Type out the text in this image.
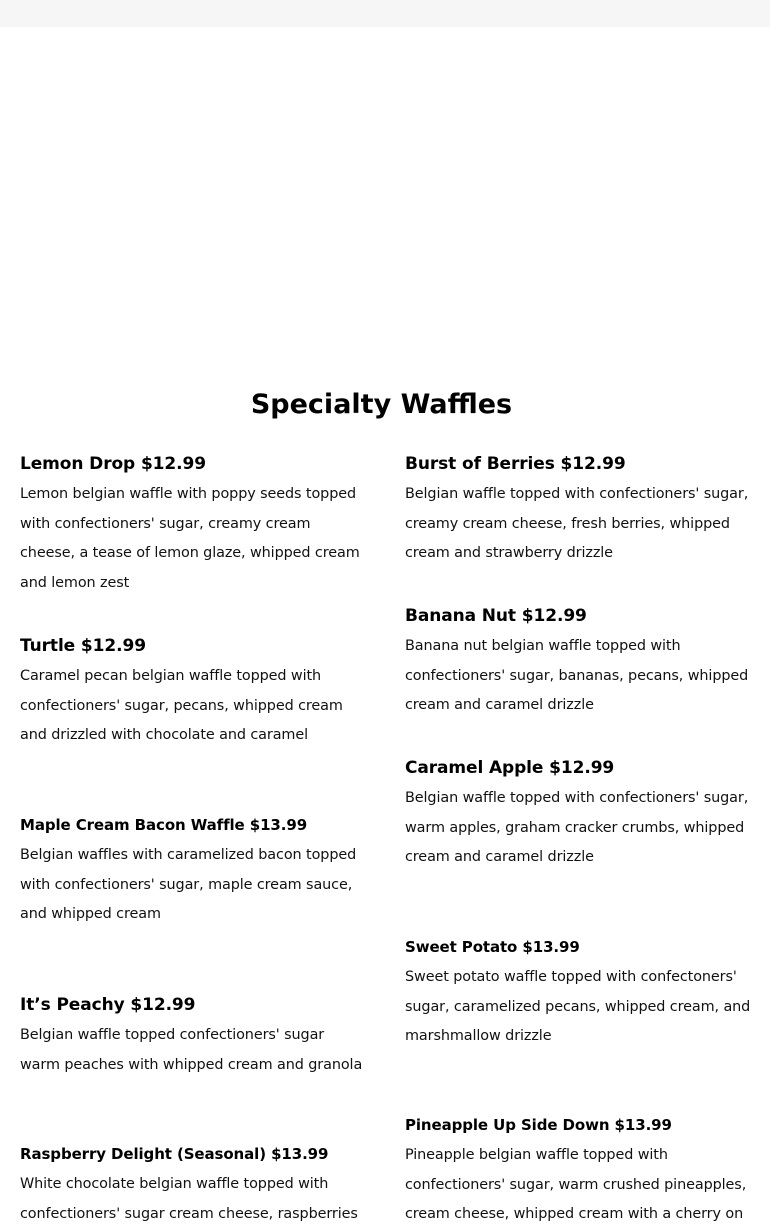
Specialty Waffles
Lemon Drop $12.99

Lemon belgian waffle with poppy seeds topped with confectioners' sugar, creamy cream cheese, a tease of lemon glaze, whipped cream and lemon zest

Turtle $12.99

Caramel pecan belgian waffle topped with confectioners' sugar, pecans, whipped cream and drizzled with chocolate and caramel

Maple Cream Bacon Waffle $13.99

Belgian waffles with caramelized bacon topped with confectioners' sugar, maple cream sauce, and whipped cream

It’s Peachy $12.99

Belgian waffle topped confectioners' sugar warm peaches with whipped cream and granola

Raspberry Delight (Seasonal) $13.99

White chocolate belgian waffle topped with confectioners' sugar cream cheese, raspberries

Burst of Berries $12.99

Belgian waffle topped with confectioners' sugar, creamy cream cheese, fresh berries, whipped cream and strawberry drizzle

Banana Nut $12.99

Banana nut belgian waffle topped with confectioners' sugar, bananas, pecans, whipped cream and caramel drizzle

Caramel Apple $12.99

Belgian waffle topped with confectioners' sugar, warm apples, graham cracker crumbs, whipped cream and caramel drizzle

Sweet Potato $13.99

Sweet potato waffle topped with confectoners' sugar, caramelized pecans, whipped cream, and marshmallow drizzle

Pineapple Up Side Down $13.99

Pineapple belgian waffle topped with confectioners' sugar, warm crushed pineapples, cream cheese, whipped cream with a cherry on
